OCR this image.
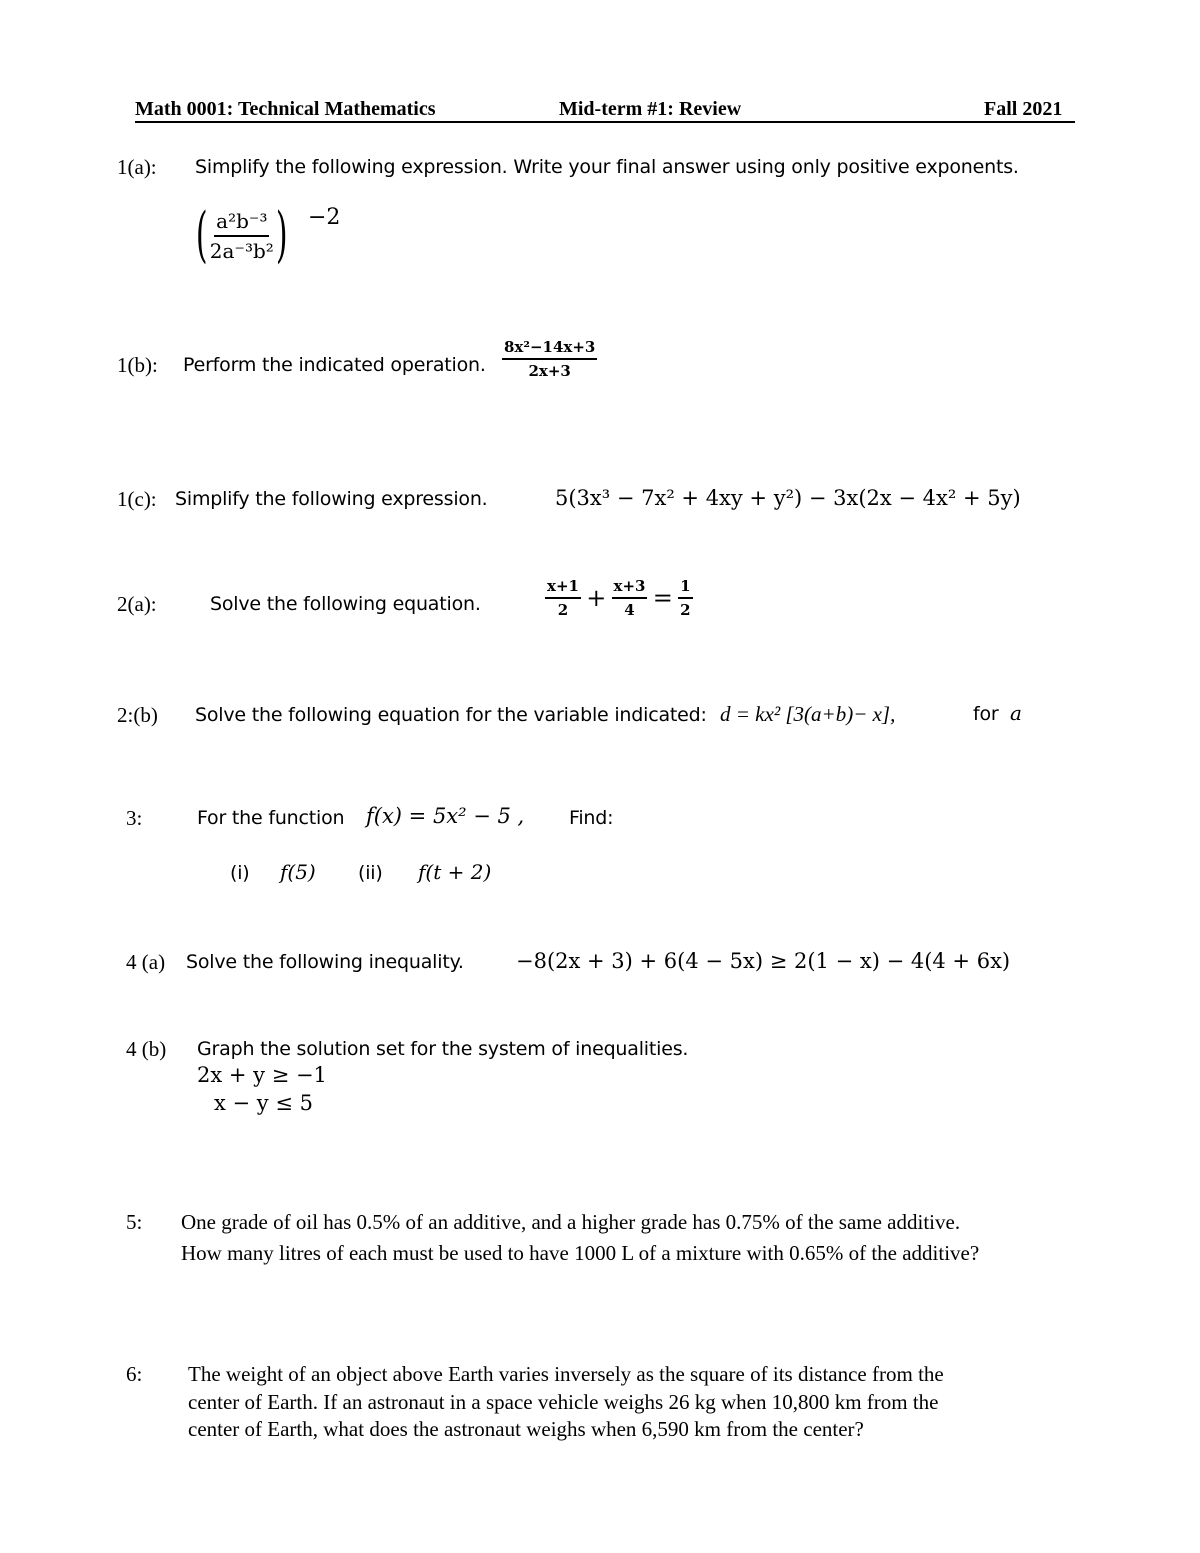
Math 0001: Technical Mathematics	Mid-term #1: Review	Fall 2021
1(a): Simplify the following expression. Write your final answer using only positive exponents.
( $\frac{\text{a²b⁻³}}{\text{2a⁻³b²}}$ ) −2
1(b): Perform the indicated operation. $\frac{\text{8x²−14x+3}}{2x+3}$
1(c): Simplify the following expression.	5(3x³ − 7x² + 4xy + y²) − 3x(2x − 4x² + 5y)
2(a):	Solve the following equation.	$\frac{x+1}{2} + \frac{x+3}{4} = \frac{1}{2}$
2:(b) Solve the following equation for the variable indicated: d = kx² [3(a+b)− x],	for a
3:	For the function f(x) = 5x² − 5 , Find:
(i) f(5) (ii) f(t + 2)
4 (a) Solve the following inequality. −8(2x + 3) + 6(4 − 5x) ≥ 2(1 − x) − 4(4 + 6x)
4 (b) Graph the solution set for the system of inequalities.
2x + y ≥ −1
x − y ≤ 5
5: One grade of oil has 0.5% of an additive, and a higher grade has 0.75% of the same additive.
How many litres of each must be used to have 1000 L of a mixture with 0.65% of the additive?
6: The weight of an object above Earth varies inversely as the square of its distance from the
center of Earth. If an astronaut in a space vehicle weighs 26 kg when 10,800 km from the
center of Earth, what does the astronaut weighs when 6,590 km from the center?
